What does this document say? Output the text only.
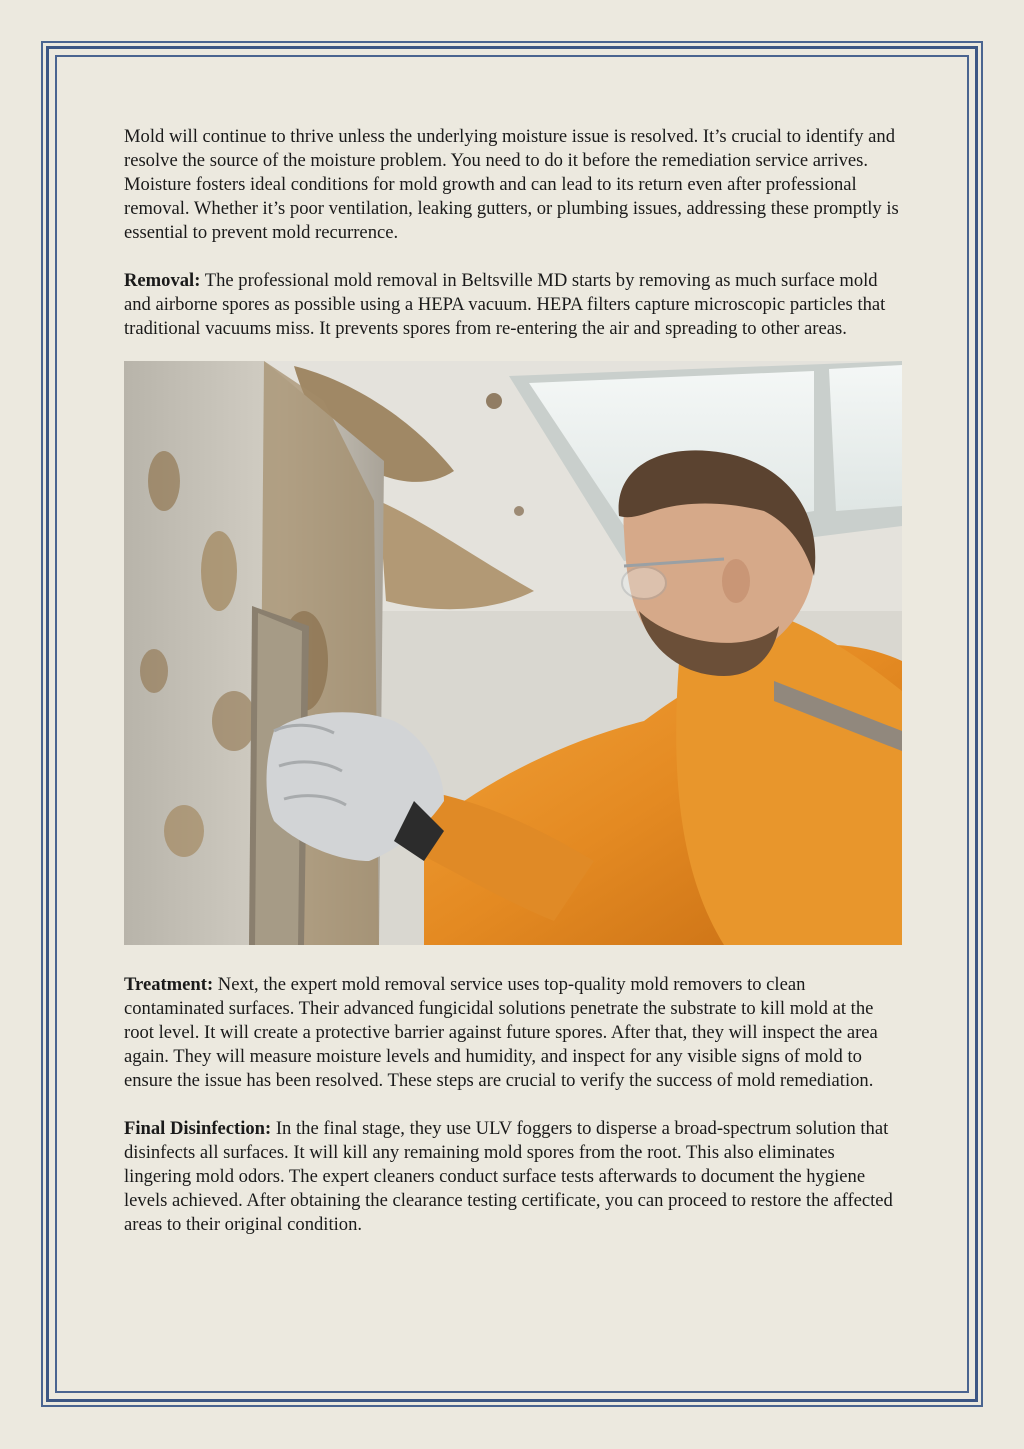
Mold will continue to thrive unless the underlying moisture issue is resolved. It’s crucial to identify and resolve the source of the moisture problem. You need to do it before the remediation service arrives. Moisture fosters ideal conditions for mold growth and can lead to its return even after professional removal. Whether it’s poor ventilation, leaking gutters, or plumbing issues, addressing these promptly is essential to prevent mold recurrence.

Removal: The professional mold removal in Beltsville MD starts by removing as much surface mold and airborne spores as possible using a HEPA vacuum. HEPA filters capture microscopic particles that traditional vacuums miss. It prevents spores from re-entering the air and spreading to other areas.

Treatment: Next, the expert mold removal service uses top-quality mold removers to clean contaminated surfaces. Their advanced fungicidal solutions penetrate the substrate to kill mold at the root level. It will create a protective barrier against future spores. After that, they will inspect the area again. They will measure moisture levels and humidity, and inspect for any visible signs of mold to ensure the issue has been resolved. These steps are crucial to verify the success of mold remediation.

Final Disinfection: In the final stage, they use ULV foggers to disperse a broad-spectrum solution that disinfects all surfaces. It will kill any remaining mold spores from the root. This also eliminates lingering mold odors. The expert cleaners conduct surface tests afterwards to document the hygiene levels achieved. After obtaining the clearance testing certificate, you can proceed to restore the affected areas to their original condition.
